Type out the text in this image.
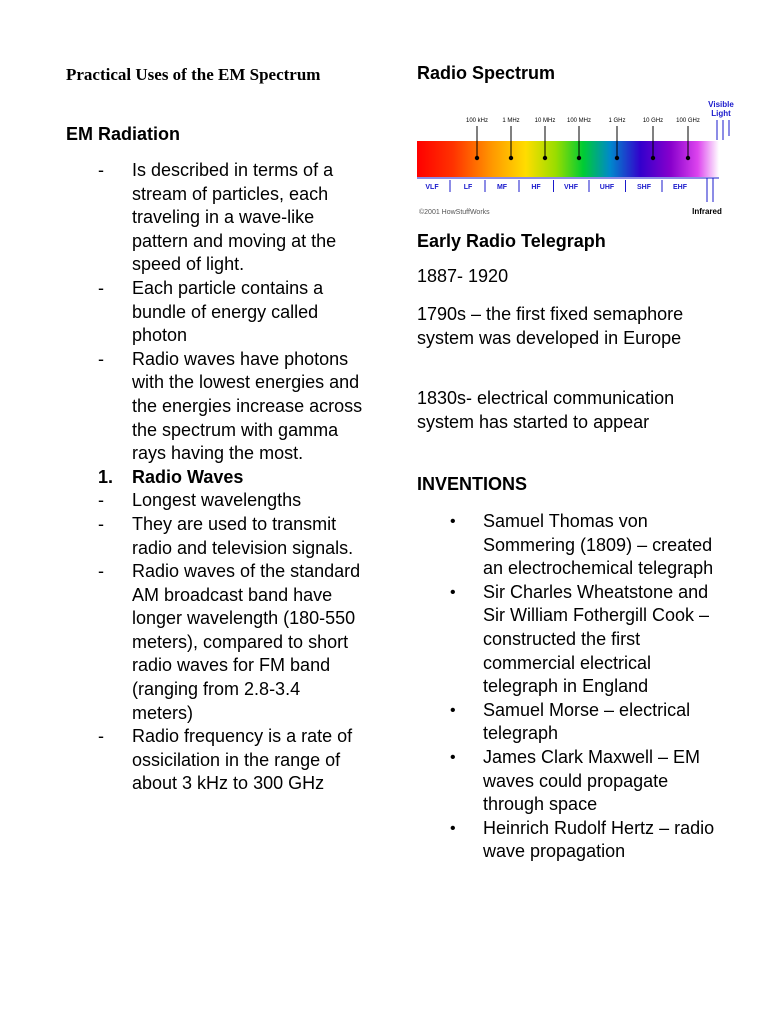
Practical Uses of the EM Spectrum
EM Radiation
- Is described in terms of a stream of particles, each traveling in a wave-like pattern and moving at the speed of light.
- Each particle contains a bundle of energy called photon
- Radio waves have photons with the lowest energies and the energies increase across the spectrum with gamma rays having the most.
1. Radio Waves
- Longest wavelengths
- They are used to transmit radio and television signals.
- Radio waves of the standard AM broadcast band have longer wavelength (180-550 meters), compared to short radio waves for FM band (ranging from 2.8-3.4 meters)
- Radio frequency is a rate of ossicilation in the range of about 3 kHz to 300 GHz
Radio Spectrum
100 kHz 1 MHz 10 MHz 100 MHz	1 GHz	10 GHz 100 GHz
Visible
Light
VLF	LF	MF	HF	VHF	UHF	SHF	EHF
©2001 HowStuffWorks	Infrared
Early Radio Telegraph
1887- 1920
1790s – the first fixed semaphore system was developed in Europe
1830s- electrical communication system has started to appear
INVENTIONS
• Samuel Thomas von Sommering (1809) – created an electrochemical telegraph
• Sir Charles Wheatstone and Sir William Fothergill Cook – constructed the first commercial electrical telegraph in England
• Samuel Morse – electrical telegraph
• James Clark Maxwell – EM waves could propagate through space
• Heinrich Rudolf Hertz – radio wave propagation
